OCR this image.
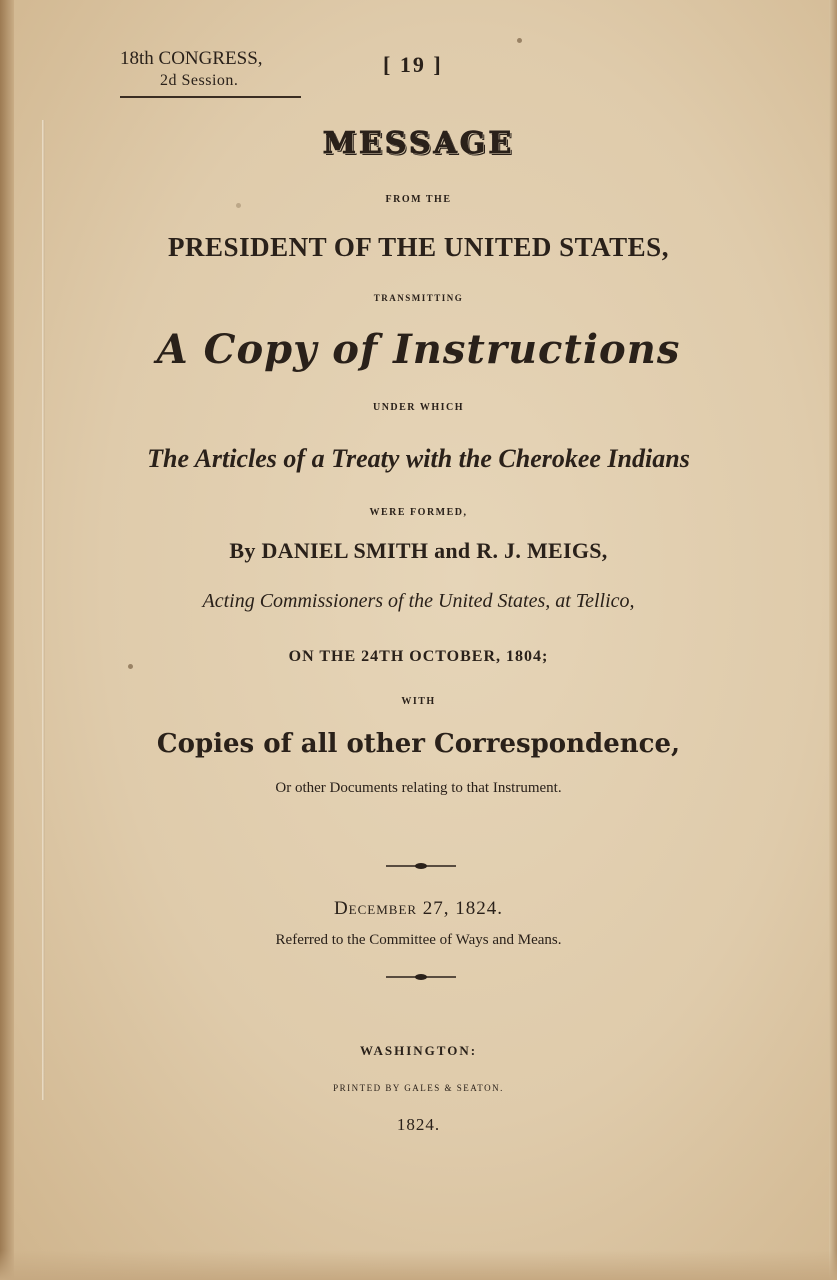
18th CONGRESS,
2d Session.
[ 19 ]
MESSAGE
FROM THE
PRESIDENT OF THE UNITED STATES,
TRANSMITTING
A Copy of Instructions
UNDER WHICH
The Articles of a Treaty with the Cherokee Indians
WERE FORMED,
By DANIEL SMITH and R. J. MEIGS,
Acting Commissioners of the United States, at Tellico,
ON THE 24TH OCTOBER, 1804;
WITH
Copies of all other Correspondence,
Or other Documents relating to that Instrument.
December 27, 1824.
Referred to the Committee of Ways and Means.
WASHINGTON:
PRINTED BY GALES & SEATON.
1824.
